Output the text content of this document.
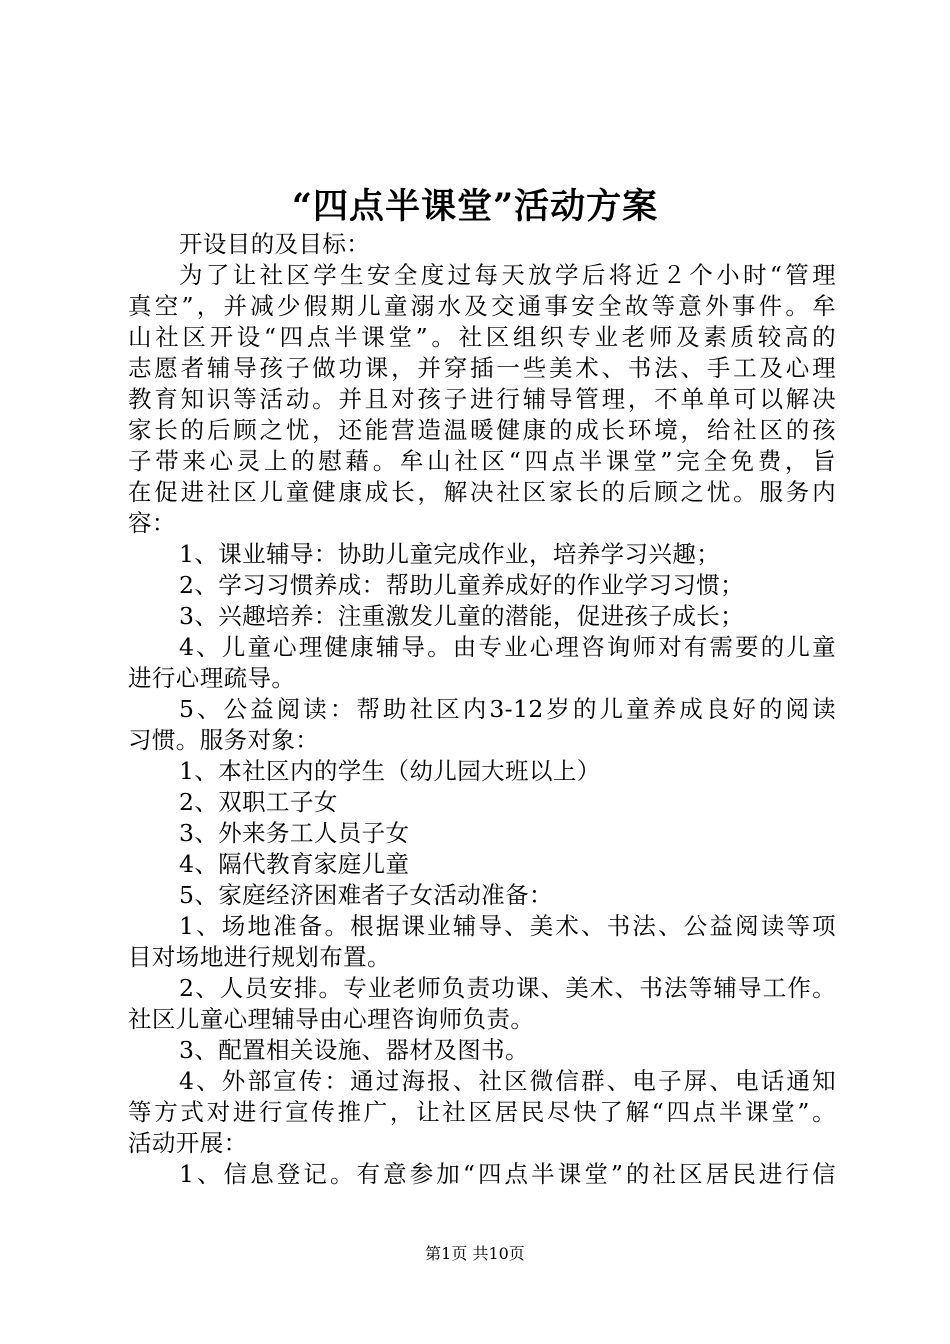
“四点半课堂”活动方案
开设目的及目标：
为了让社区学生安全度过每天放学后将近２个小时“管理
真空”，并减少假期儿童溺水及交通事安全故等意外事件。牟
山社区开设“四点半课堂”。社区组织专业老师及素质较高的
志愿者辅导孩子做功课，并穿插一些美术、书法、手工及心理
教育知识等活动。并且对孩子进行辅导管理，不单单可以解决
家长的后顾之忧，还能营造温暖健康的成长环境，给社区的孩
子带来心灵上的慰藉。牟山社区“四点半课堂”完全免费，旨
在促进社区儿童健康成长，解决社区家长的后顾之忧。服务内
容：
1、课业辅导：协助儿童完成作业，培养学习兴趣；
2、学习习惯养成：帮助儿童养成好的作业学习习惯；
3、兴趣培养：注重激发儿童的潜能，促进孩子成长；
4、儿童心理健康辅导。由专业心理咨询师对有需要的儿童
进行心理疏导。
5、公益阅读：帮助社区内3-12岁的儿童养成良好的阅读
习惯。服务对象：
1、本社区内的学生（幼儿园大班以上）
2、双职工子女
3、外来务工人员子女
4、隔代教育家庭儿童
5、家庭经济困难者子女活动准备：
1、场地准备。根据课业辅导、美术、书法、公益阅读等项
目对场地进行规划布置。
2、人员安排。专业老师负责功课、美术、书法等辅导工作。
社区儿童心理辅导由心理咨询师负责。
3、配置相关设施、器材及图书。
4、外部宣传：通过海报、社区微信群、电子屏、电话通知
等方式对进行宣传推广，让社区居民尽快了解“四点半课堂”。
活动开展：
1、信息登记。有意参加“四点半课堂”的社区居民进行信
第1页 共10页
